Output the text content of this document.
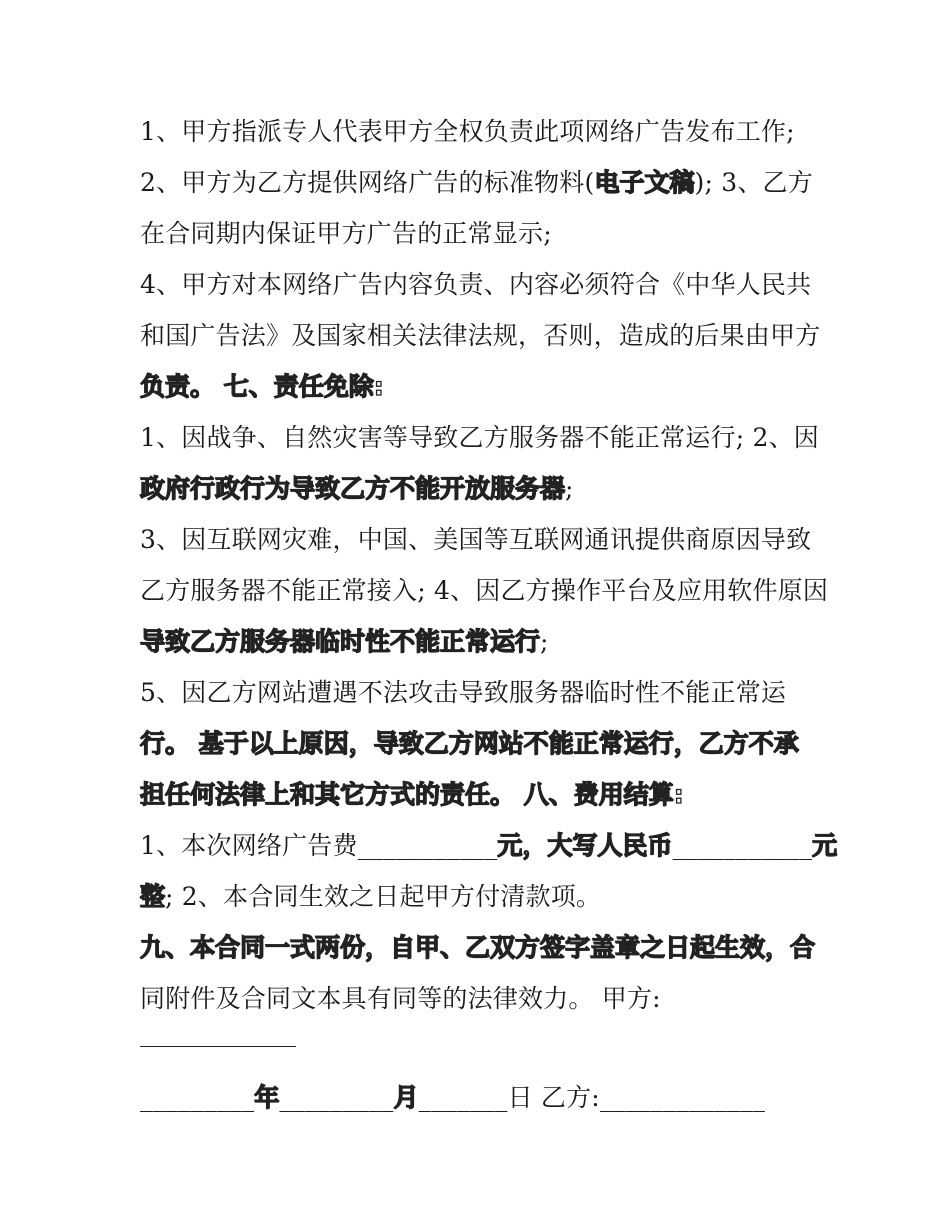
1、甲方指派专人代表甲方全权负责此项网络广告发布工作;
2、甲方为乙方提供网络广告的标准物料(电子文稿); 3、乙方
在合同期内保证甲方广告的正常显示;
4、甲方对本网络广告内容负责、内容必须符合《中华人民共
和国广告法》及国家相关法律法规，否则，造成的后果由甲方
负责。 七、责任免除:
1、因战争、自然灾害等导致乙方服务器不能正常运行; 2、因
政府行政行为导致乙方不能开放服务器;
3、因互联网灾难，中国、美国等互联网通讯提供商原因导致
乙方服务器不能正常接入; 4、因乙方操作平台及应用软件原因
导致乙方服务器临时性不能正常运行;
5、因乙方网站遭遇不法攻击导致服务器临时性不能正常运
行。 基于以上原因，导致乙方网站不能正常运行，乙方不承
担任何法律上和其它方式的责任。 八、费用结算:
1、本次网络广告费___________元，大写人民币___________元
整; 2、本合同生效之日起甲方付清款项。
九、本合同一式两份，自甲、乙双方签字盖章之日起生效，合
同附件及合同文本具有同等的法律效力。 甲方:
_________年_________月_______日 乙方:_____________
